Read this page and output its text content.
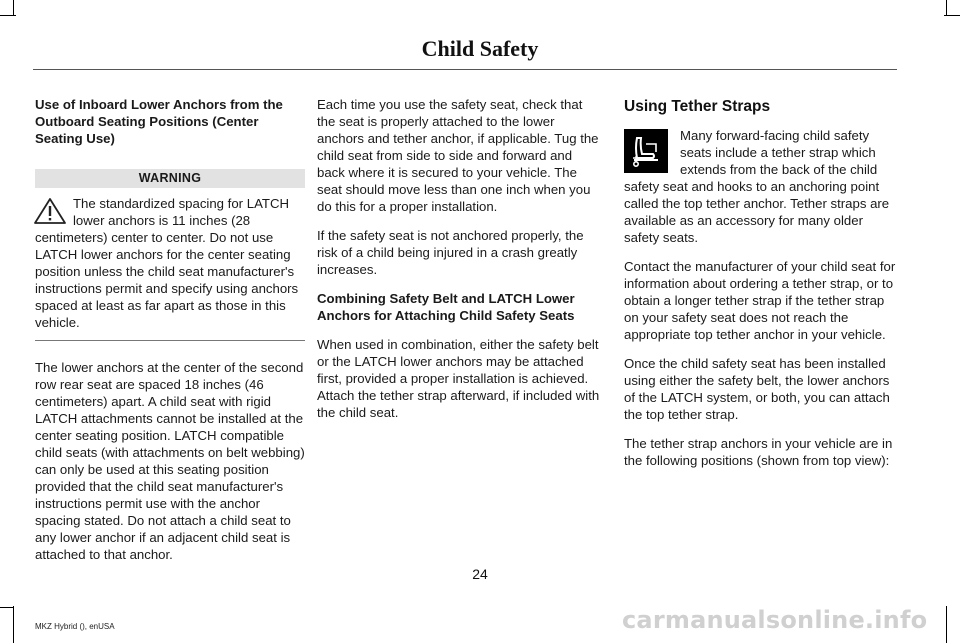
Child Safety
Use of Inboard Lower Anchors from the Outboard Seating Positions (Center Seating Use)
WARNING
The standardized spacing for LATCH lower anchors is 11 inches (28 centimeters) center to center. Do not use LATCH lower anchors for the center seating position unless the child seat manufacturer's instructions permit and specify using anchors spaced at least as far apart as those in this vehicle.

The lower anchors at the center of the second row rear seat are spaced 18 inches (46 centimeters) apart. A child seat with rigid LATCH attachments cannot be installed at the center seating position. LATCH compatible child seats (with attachments on belt webbing) can only be used at this seating position provided that the child seat manufacturer's instructions permit use with the anchor spacing stated. Do not attach a child seat to any lower anchor if an adjacent child seat is attached to that anchor.

Each time you use the safety seat, check that the seat is properly attached to the lower anchors and tether anchor, if applicable. Tug the child seat from side to side and forward and back where it is secured to your vehicle. The seat should move less than one inch when you do this for a proper installation.

If the safety seat is not anchored properly, the risk of a child being injured in a crash greatly increases.

Combining Safety Belt and LATCH Lower Anchors for Attaching Child Safety Seats

When used in combination, either the safety belt or the LATCH lower anchors may be attached first, provided a proper installation is achieved. Attach the tether strap afterward, if included with the child seat.

Using Tether Straps

Many forward-facing child safety seats include a tether strap which extends from the back of the child safety seat and hooks to an anchoring point called the top tether anchor. Tether straps are available as an accessory for many older safety seats.

Contact the manufacturer of your child seat for information about ordering a tether strap, or to obtain a longer tether strap if the tether strap on your safety seat does not reach the appropriate top tether anchor in your vehicle.

Once the child safety seat has been installed using either the safety belt, the lower anchors of the LATCH system, or both, you can attach the top tether strap.

The tether strap anchors in your vehicle are in the following positions (shown from top view):

24
MKZ Hybrid (), enUSA	carmanualsonline.info
